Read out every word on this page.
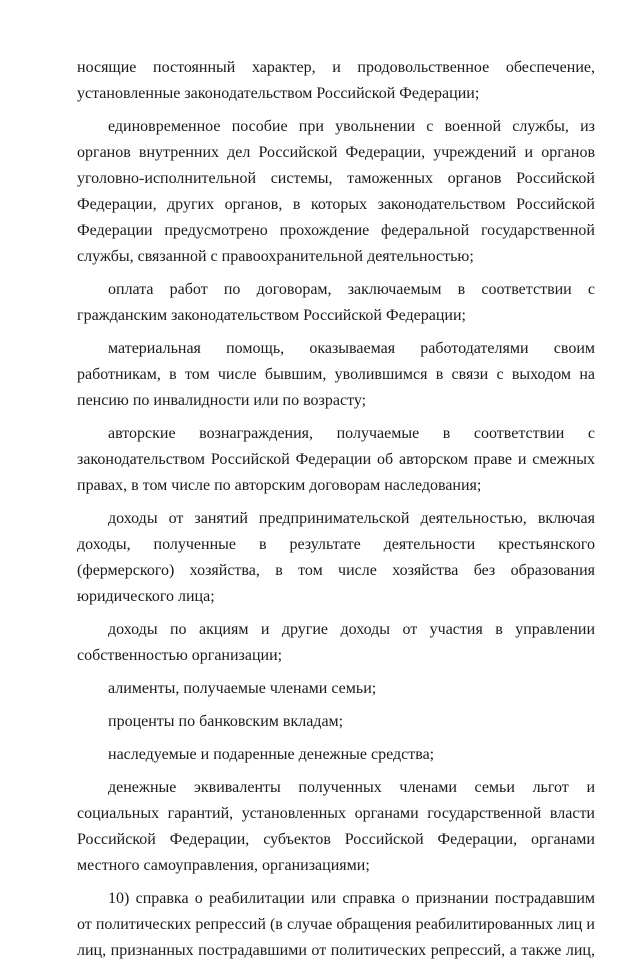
носящие постоянный характер, и продовольственное обеспечение, установленные законодательством Российской Федерации;

единовременное пособие при увольнении с военной службы, из органов внутренних дел Российской Федерации, учреждений и органов уголовно-исполнительной системы, таможенных органов Российской Федерации, других органов, в которых законодательством Российской Федерации предусмотрено прохождение федеральной государственной службы, связанной с правоохранительной деятельностью;

оплата работ по договорам, заключаемым в соответствии с гражданским законодательством Российской Федерации;

материальная помощь, оказываемая работодателями своим работникам, в том числе бывшим, уволившимся в связи с выходом на пенсию по инвалидности или по возрасту;

авторские вознаграждения, получаемые в соответствии с законодательством Российской Федерации об авторском праве и смежных правах, в том числе по авторским договорам наследования;

доходы от занятий предпринимательской деятельностью, включая доходы, полученные в результате деятельности крестьянского (фермерского) хозяйства, в том числе хозяйства без образования юридического лица;

доходы по акциям и другие доходы от участия в управлении собственностью организации;

алименты, получаемые членами семьи;

проценты по банковским вкладам;

наследуемые и подаренные денежные средства;

денежные эквиваленты полученных членами семьи льгот и социальных гарантий, установленных органами государственной власти Российской Федерации, субъектов Российской Федерации, органами местного самоуправления, организациями;

10) справка о реабилитации или справка о признании пострадавшим от политических репрессий (в случае обращения реабилитированных лиц и лиц, признанных пострадавшими от политических репрессий, а также лиц,
